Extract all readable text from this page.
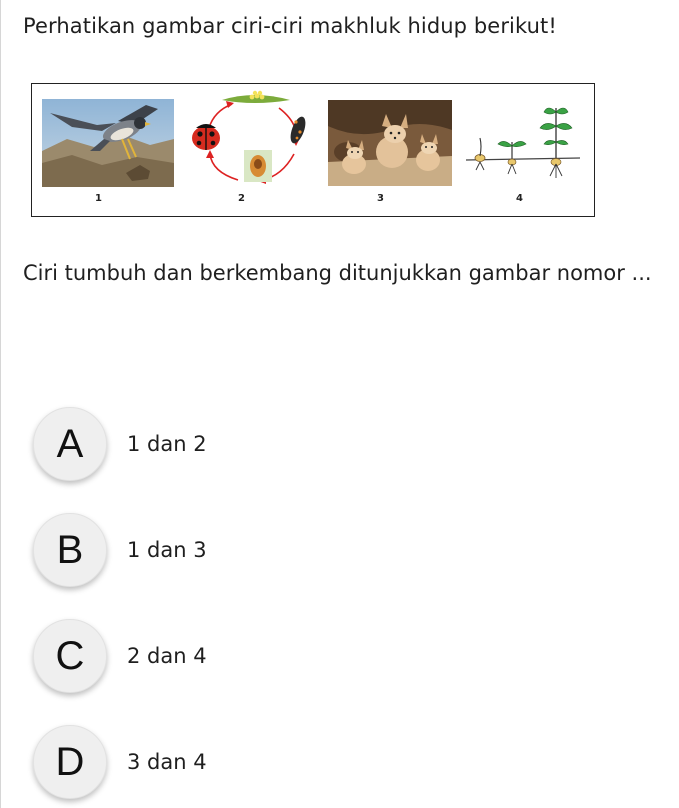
Perhatikan gambar ciri-ciri makhluk hidup berikut!
1	2	3	4
Ciri tumbuh dan berkembang ditunjukkan gambar nomor ...
A	1 dan 2
B	1 dan 3
C	2 dan 4
D	3 dan 4
